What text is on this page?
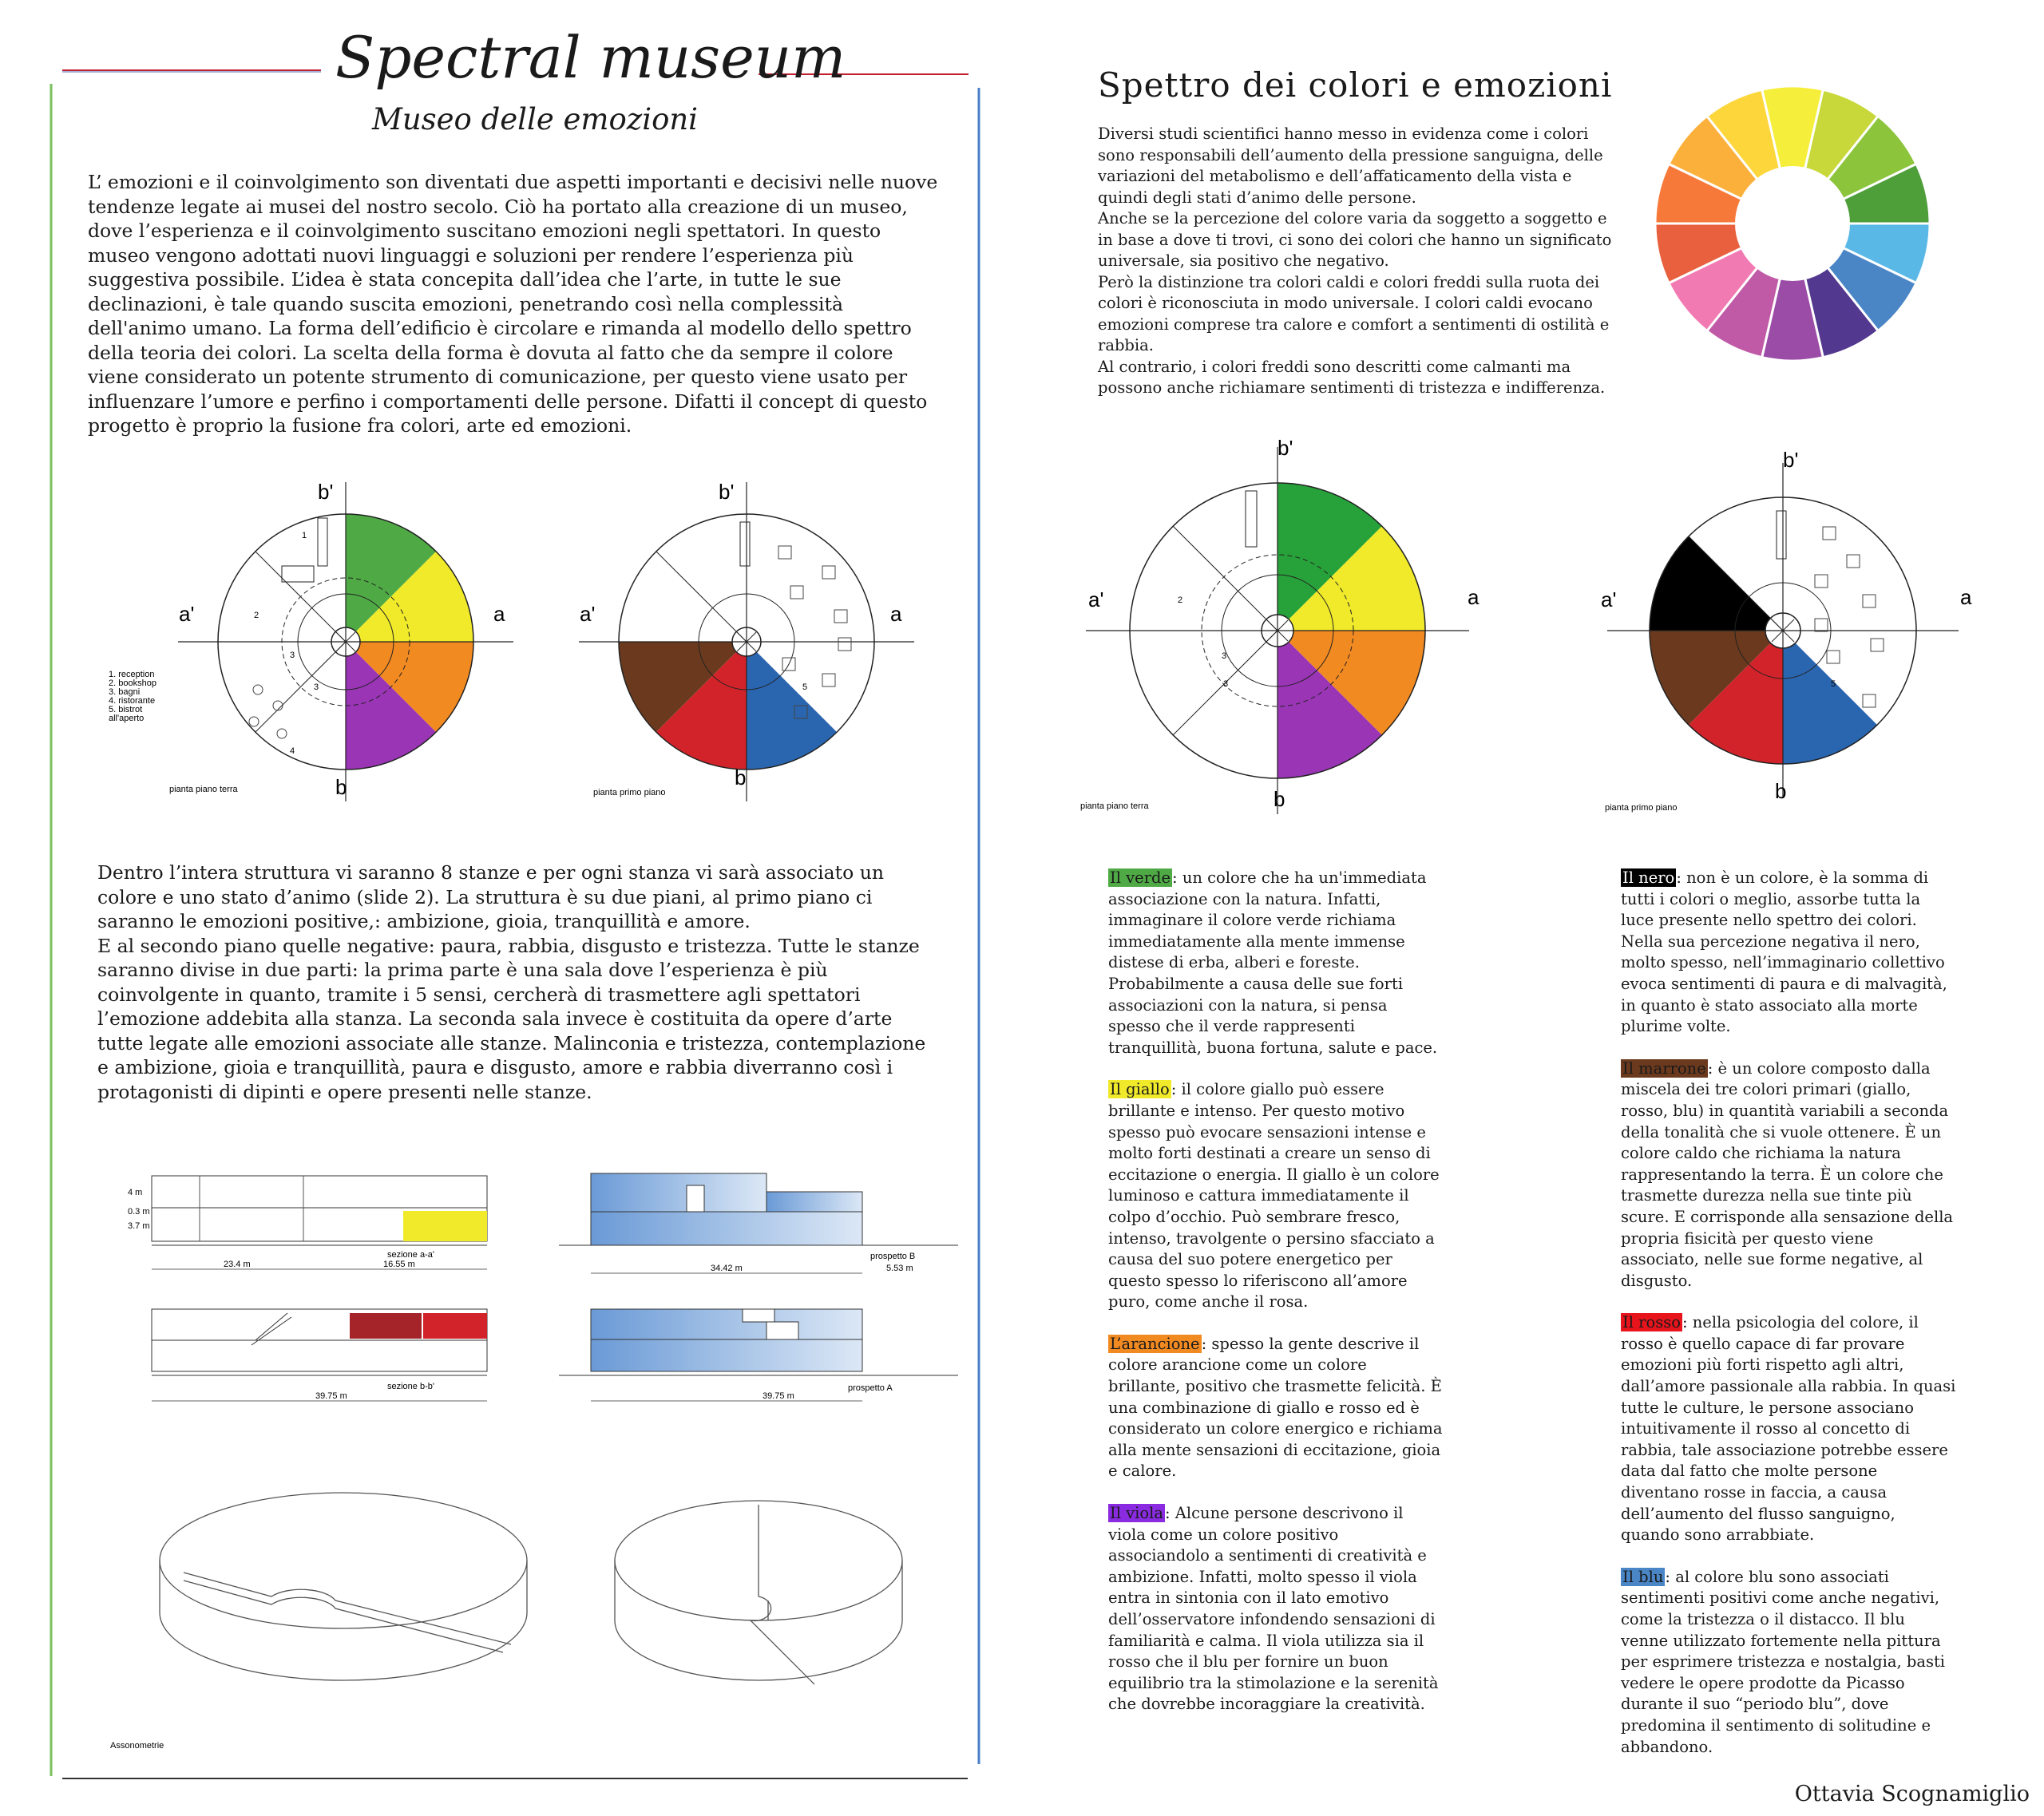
Spectral museum
Museo delle emozioni

L’ emozioni e il coinvolgimento son diventati due aspetti importanti e decisivi nelle nuove tendenze legate ai musei del nostro secolo. Ciò ha portato alla creazione di un museo, dove l’esperienza e il coinvolgimento suscitano emozioni negli spettatori. In questo museo vengono adottati nuovi linguaggi e soluzioni per rendere l’esperienza più suggestiva possibile. L’idea è stata concepita dall’idea che l’arte, in tutte le sue declinazioni, è tale quando suscita emozioni, penetrando così nella complessità dell'animo umano. La forma dell’edificio è circolare e rimanda al modello dello spettro della teoria dei colori. La scelta della forma è dovuta al fatto che da sempre il colore viene considerato un potente strumento di comunicazione, per questo viene usato per influenzare l’umore e perfino i comportamenti delle persone. Difatti il concept di questo progetto è proprio la fusione fra colori, arte ed emozioni.

1
2
3
3
4
b'
a'	a
b
1. reception
2. bookshop
3. bagni
4. ristorante
5. bistrot
all'aperto
pianta piano terra
5
b'
a'	a
b
pianta primo piano

Dentro l’intera struttura vi saranno 8 stanze e per ogni stanza vi sarà associato un colore e uno stato d’animo (slide 2). La struttura è su due piani, al primo piano ci saranno le emozioni positive,: ambizione, gioia, tranquillità e amore.

E al secondo piano quelle negative: paura, rabbia, disgusto e tristezza. Tutte le stanze saranno divise in due parti: la prima parte è una sala dove l’esperienza è più coinvolgente in quanto, tramite i 5 sensi, cercherà di trasmettere agli spettatori l’emozione addebita alla stanza. La seconda sala invece è costituita da opere d’arte tutte legate alle emozioni associate alle stanze. Malinconia e tristezza, contemplazione e ambizione, gioia e tranquillità, paura e disgusto, amore e rabbia diverranno così i protagonisti di dipinti e opere presenti nelle stanze.

4 m
0.3 m
3.7 m
23.4 m	16.55 m
sezione a-a'
39.75 m
sezione b-b'
34.42 m	5.53 m
prospetto B
39.75 m
prospetto A
Assonometrie
Spettro dei colori e emozioni

Diversi studi scientifici hanno messo in evidenza come i colori sono responsabili dell’aumento della pressione sanguigna, delle variazioni del metabolismo e dell’affaticamento della vista e quindi degli stati d’animo delle persone.

Anche se la percezione del colore varia da soggetto a soggetto e in base a dove ti trovi, ci sono dei colori che hanno un significato universale, sia positivo che negativo.

Però la distinzione tra colori caldi e colori freddi sulla ruota dei colori è riconosciuta in modo universale. I colori caldi evocano emozioni comprese tra calore e comfort a sentimenti di ostilità e rabbia.

Al contrario, i colori freddi sono descritti come calmanti ma possono anche richiamare sentimenti di tristezza e indifferenza.

2
3
3
b'
a'	a
b
pianta piano terra
5
b'
a'	a
b
pianta primo piano
Il verde : un colore che ha un'immediata associazione con la natura. Infatti, immaginare il colore verde richiama immediatamente alla mente immense distese di erba, alberi e foreste. Probabilmente a causa delle sue forti associazioni con la natura, si pensa spesso che il verde rappresenti tranquillità, buona fortuna, salute e pace.
Il giallo : il colore giallo può essere brillante e intenso. Per questo motivo spesso può evocare sensazioni intense e molto forti destinati a creare un senso di eccitazione o energia. Il giallo è un colore luminoso e cattura immediatamente il colpo d’occhio. Può sembrare fresco, intenso, travolgente o persino sfacciato a causa del suo potere energetico per questo spesso lo riferiscono all’amore puro, come anche il rosa.
L’arancione : spesso la gente descrive il colore arancione come un colore brillante, positivo che trasmette felicità. È una combinazione di giallo e rosso ed è considerato un colore energico e richiama alla mente sensazioni di eccitazione, gioia e calore.
Il viola : Alcune persone descrivono il viola come un colore positivo associandolo a sentimenti di creatività e ambizione. Infatti, molto spesso il viola entra in sintonia con il lato emotivo dell’osservatore infondendo sensazioni di familiarità e calma. Il viola utilizza sia il rosso che il blu per fornire un buon equilibrio tra la stimolazione e la serenità che dovrebbe incoraggiare la creatività.
Il nero : non è un colore, è la somma di tutti i colori o meglio, assorbe tutta la luce presente nello spettro dei colori. Nella sua percezione negativa il nero, molto spesso, nell’immaginario collettivo evoca sentimenti di paura e di malvagità, in quanto è stato associato alla morte plurime volte.
Il marrone : è un colore composto dalla miscela dei tre colori primari (giallo, rosso, blu) in quantità variabili a seconda della tonalità che si vuole ottenere. È un colore caldo che richiama la natura rappresentando la terra. È un colore che trasmette durezza nella sue tinte più scure. E corrisponde alla sensazione della propria fisicità per questo viene associato, nelle sue forme negative, al disgusto.
Il rosso : nella psicologia del colore, il rosso è quello capace di far provare emozioni più forti rispetto agli altri, dall’amore passionale alla rabbia. In quasi tutte le culture, le persone associano intuitivamente il rosso al concetto di rabbia, tale associazione potrebbe essere data dal fatto che molte persone diventano rosse in faccia, a causa dell’aumento del flusso sanguigno, quando sono arrabbiate.
Il blu : al colore blu sono associati sentimenti positivi come anche negativi, come la tristezza o il distacco. Il blu venne utilizzato fortemente nella pittura per esprimere tristezza e nostalgia, basti vedere le opere prodotte da Picasso durante il suo “periodo blu”, dove predomina il sentimento di solitudine e abbandono.
Ottavia Scognamiglio
